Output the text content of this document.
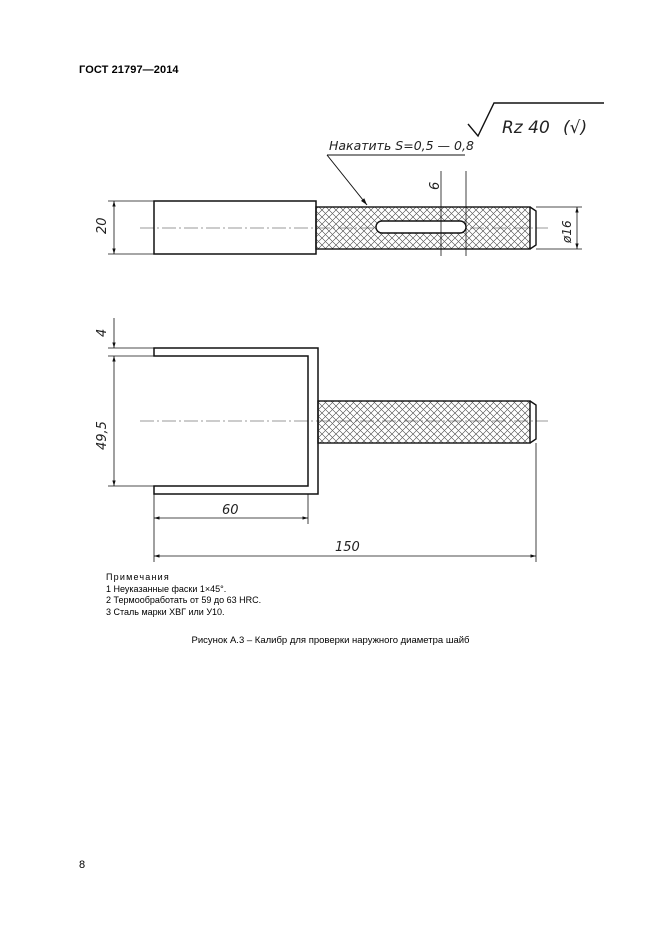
ГОСТ 21797—2014
Rz 40 (√)
Накатить S=0,5 — 0,8
20
6
ø16
4
49,5
60
150
Примечания
1 Неуказанные фаски 1×45°.
2 Термообработать от 59 до 63 HRC.
3 Сталь марки ХВГ или У10.
Рисунок А.3 – Калибр для проверки наружного диаметра шайб
8
